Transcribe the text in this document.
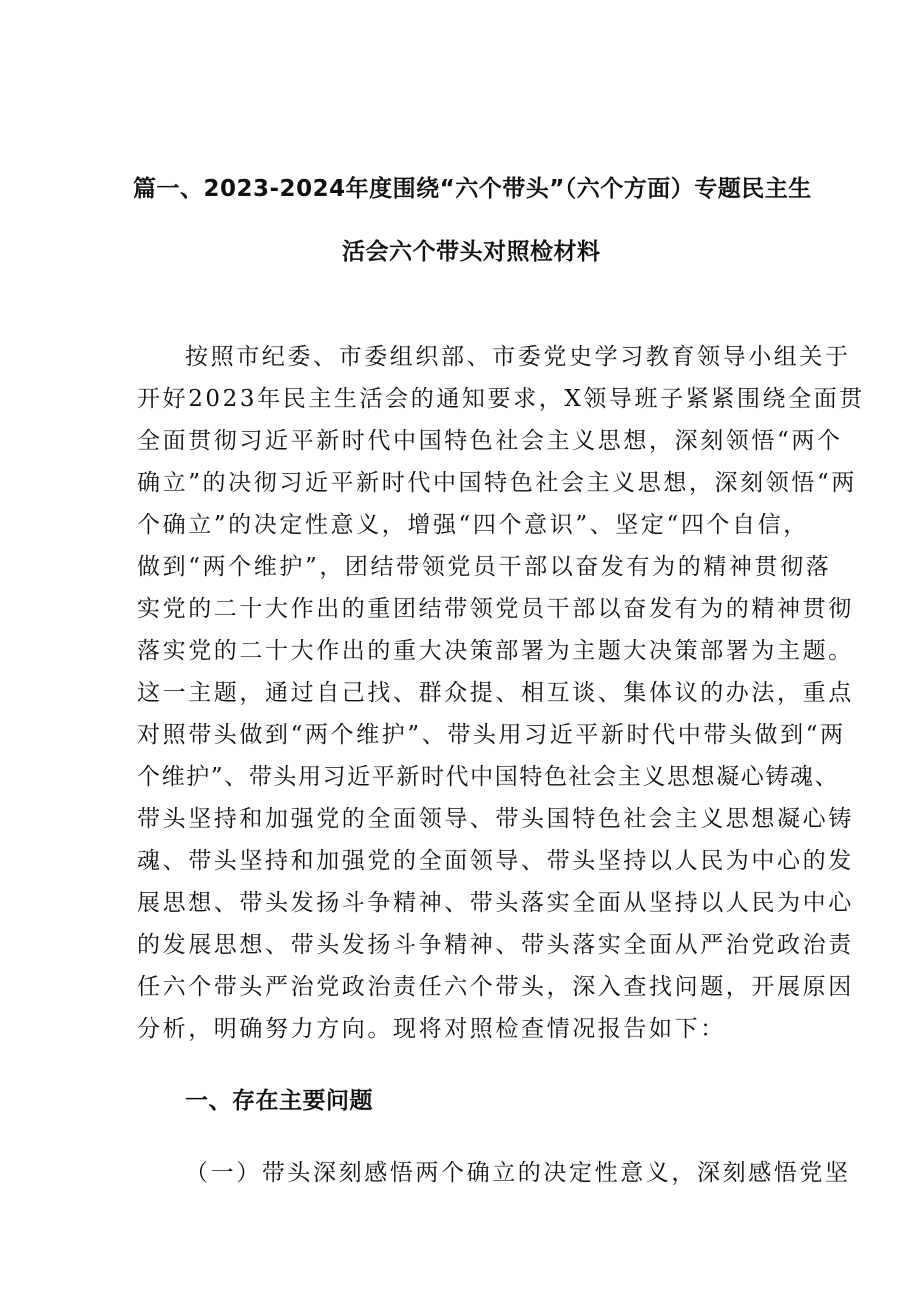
篇一、2023-2024年度围绕“六个带头”（六个方面）专题民主生
活会六个带头对照检材料
按照市纪委、市委组织部、市委党史学习教育领导小组关于
开好2023年民主生活会的通知要求，X领导班子紧紧围绕全面贯
全面贯彻习近平新时代中国特色社会主义思想，深刻领悟“两个
确立”的决彻习近平新时代中国特色社会主义思想，深刻领悟“两
个确立”的决定性意义，增强“四个意识”、坚定“四个自信，
做到“两个维护”，团结带领党员干部以奋发有为的精神贯彻落
实党的二十大作出的重团结带领党员干部以奋发有为的精神贯彻
落实党的二十大作出的重大决策部署为主题大决策部署为主题。
这一主题，通过自己找、群众提、相互谈、集体议的办法，重点
对照带头做到“两个维护”、带头用习近平新时代中带头做到“两
个维护”、带头用习近平新时代中国特色社会主义思想凝心铸魂、
带头坚持和加强党的全面领导、带头国特色社会主义思想凝心铸
魂、带头坚持和加强党的全面领导、带头坚持以人民为中心的发
展思想、带头发扬斗争精神、带头落实全面从坚持以人民为中心
的发展思想、带头发扬斗争精神、带头落实全面从严治党政治责
任六个带头严治党政治责任六个带头，深入查找问题，开展原因
分析，明确努力方向。现将对照检查情况报告如下：
一、存在主要问题
（一）带头深刻感悟两个确立的决定性意义，深刻感悟党坚
